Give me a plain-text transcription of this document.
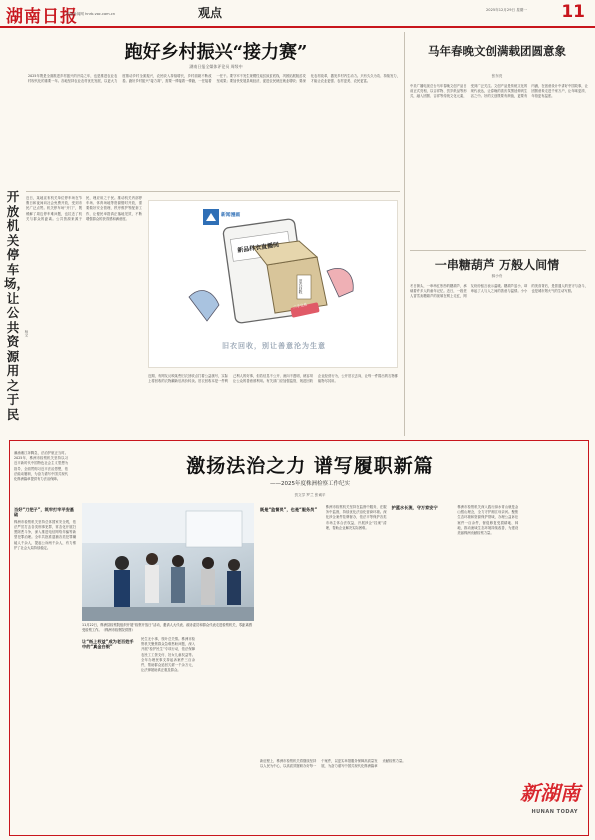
湖南日报
湖南新闻网 hnrb.voc.com.cn	观点	2025年12月29日 星期一	11
跑好乡村振兴“接力赛”
湖南日报全媒体评论员 周绥中
2025年既是全面推进乡村振兴的开局之年，也是推进农业农村现代化的重要一年。各地坚持农业农村优先发展，以更大力度推动乡村全面振兴，农民收入持续增长，乡村面貌不断改善。跑好乡村振兴“接力赛”，需要一棒接着一棒跑，一任接着一任干。要守牢不发生规模性返贫致贫底线，巩固拓展脱贫攻坚成果；要加快发展县域经济，促进农民就近就业增收；要深化农村改革，激发乡村内生动力。只有久久为功、持续发力，才能让农业更强、农村更美、农民更富。
开放机关停车场，让公共资源用之于民
杨文
近日，某地宣布机关单位停车场在节假日和夜间向社会免费开放，受到市民广泛点赞。机关停车场“开门”，既缓解了周边停车难问题，也拉近了机关与群众的距离。公共资源来源于民，理应用之于民。推动机关内部停车场、体育场地等资源错时开放，需要做好安全管理、秩序维护等配套工作，让便民举措真正落地见效，不断增强群众的获得感和满意度。
新闻漫画
新品样衣直播间
旧衣回收
二手交易
旧衣回收，别让善意沦为生意
近期，有网友反映某些旧衣回收点打着公益旗号，实际上将回收的衣物翻新后高价转卖。旧衣回收本是一件利己利人的好事，但若信息不公开、流向不透明，就容易让公众的善意被利用。有关部门应加强监管，规范回收企业经营行为，公开旧衣去向，让每一件捐出的衣物都能物尽其用。
马年春晚文创满载团圆意象
张东亮
中央广播电视总台马年春晚文创产品日前正式亮相，以吉祥物、贺岁纸品等形式，融入团圆、吉祥等传统文化元素，受到广泛关注。文创产品是传统文化的现代表达，让春晚的喜庆氛围延伸到生活之中。好的文创既要有颜值，更要有内涵，在创意设计中讲好中国故事，让团圆意象走进千家万户，让年味更浓、年俗更有温度。
一串糖葫芦 万般人间情
薛小舟
冬日街头，一串串红彤彤的糖葫芦，承载着许多人的童年记忆。近日，一段老人冒雪卖糖葫芦的视频在网上走红，网友纷纷留言表示温暖。糖葫芦虽小，却串起了人与人之间的善意与温情。小小的美食背后，是普通人的坚守与奋斗，也是城市烟火气的生动写照。
潮涌湘江奔腾急，法治护航正当时。2025年，株洲市检察机关坚持以习近平新时代中国特色社会主义思想为指导，全面贯彻习近平法治思想，依法能动履职，为奋力谱写中国式现代化株洲篇章提供有力法治保障。
激扬法治之力 谱写履职新篇
——2025年度株洲检察工作纪实
贺文学 罗兰 张诚平
当好“刀把子”，筑牢打牢平安基础
株洲市检察机关坚持总体国家安全观，依法严厉打击各类刑事犯罪，常态化开展扫黑除恶斗争，深入推进电信网络诈骗等新型犯罪治理。全年共批准逮捕各类犯罪嫌疑人千余人，提起公诉两千余人，有力维护了社会大局持续稳定。
11月22日，株洲县检察院组织开展“检察开放日”活动，邀请人大代表、政协委员和群众代表走进检察机关，零距离感受检察工作。（株洲市检察院供图）
让“纸上权益”成为老百姓手中的“真金白银”
民生无小事，枝叶总关情。株洲市检察机关聚焦群众急难愁盼问题，深入开展“检护民生”专项行动，依法保障农民工工资支付、妇女儿童权益等。全年办理民事支持起诉案件三百余件，帮助群众追回欠薪一千余万元，让法律援助真正惠及群众。
既是“监督员”，也是“服务员”	株洲市检察机关坚持在监督中服务，在服务中监督，持续优化法治化营商环境。深化涉企案件挂牌督办，依法平等保护各类市场主体合法权益，开展涉企“挂案”清理，帮助企业解决实际困难。
护蓝水长流，守万家安宁	株洲市检察机关深入践行绿水青山就是金山银山理念，全力守护湘江母亲河。聚焦生态环境和资源保护领域，办理公益诉讼案件一百余件，督促修复受损耕地、林地，推动流域生态环境持续改善，为建设美丽株洲贡献检察力量。
新征程上，株洲市检察机关将继续坚持以人民为中心，以高质效履职办好每一个案件，以更实举措服务保障高质量发展，为奋力谱写中国式现代化株洲篇章贡献检察力量。
新湖南
HUNAN TODAY
